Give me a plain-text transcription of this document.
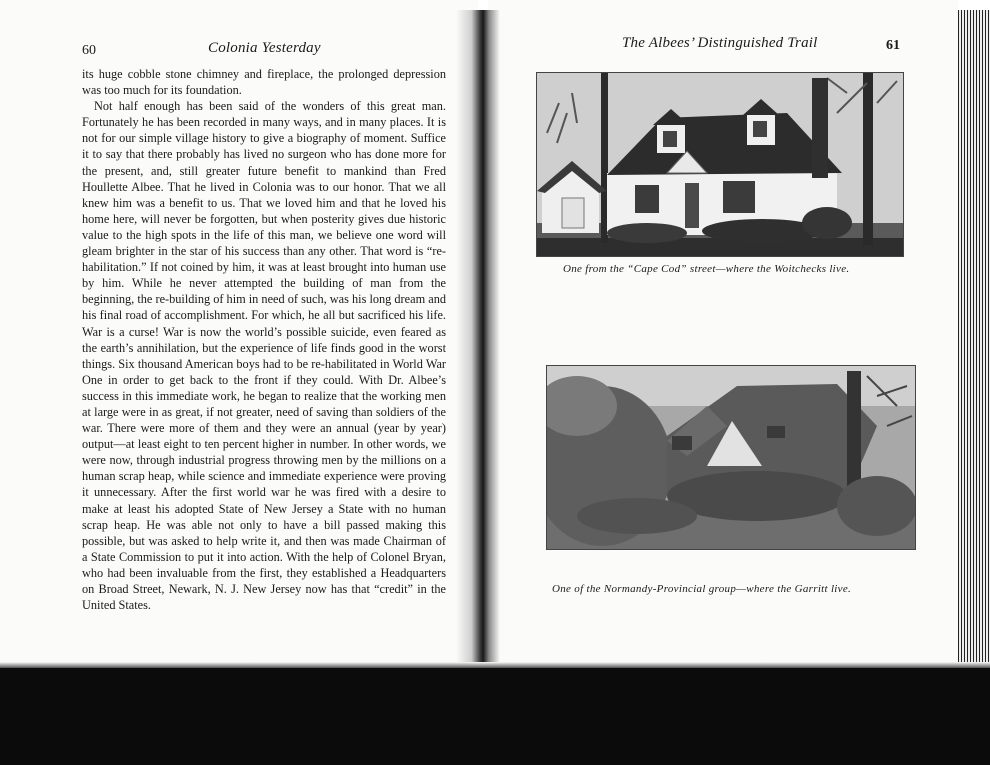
60	Colonia Yesterday

its huge cobble stone chimney and fireplace, the prolonged depression was too much for its foundation.

Not half enough has been said of the wonders of this great man. Fortunately he has been recorded in many ways, and in many places. It is not for our simple village history to give a biography of moment. Suffice it to say that there probably has lived no surgeon who has done more for the present, and, still greater future benefit to mankind than Fred Houllette Albee. That he lived in Colonia was to our honor. That we all knew him was a benefit to us. That we loved him and that he loved his home here, will never be forgotten, but when posterity gives due historic value to the high spots in the life of this man, we believe one word will gleam brighter in the star of his success than any other. That word is “re-habilitation.” If not coined by him, it was at least brought into human use by him. While he never attempted the building of man from the beginning, the re-building of him in need of such, was his long dream and his final road of accomplishment. For which, he all but sacrificed his life. War is a curse! War is now the world’s possible suicide, even feared as the earth’s annihilation, but the experience of life finds good in the worst things. Six thousand American boys had to be re-habilitated in World War One in order to get back to the front if they could. With Dr. Albee’s success in this immediate work, he began to realize that the working men at large were in as great, if not greater, need of saving than soldiers of the war. There were more of them and they were an annual (year by year) output—at least eight to ten percent higher in number. In other words, we were now, through industrial progress throwing men by the millions on a human scrap heap, while science and immediate experience were proving it unnecessary. After the first world war he was fired with a desire to make at least his adopted State of New Jersey a State with no human scrap heap. He was able not only to have a bill passed making this possible, but was asked to help write it, and then was made Chairman of a State Commission to put it into action. With the help of Colonel Bryan, who had been invaluable from the first, they established a Headquarters on Broad Street, Newark, N. J. New Jersey now has that “credit” in the United States.

The Albees’ Distinguished Trail	61
One from the “Cape Cod” street—where the Woitchecks live.
One of the Normandy-Provincial group—where the Garritt live.
